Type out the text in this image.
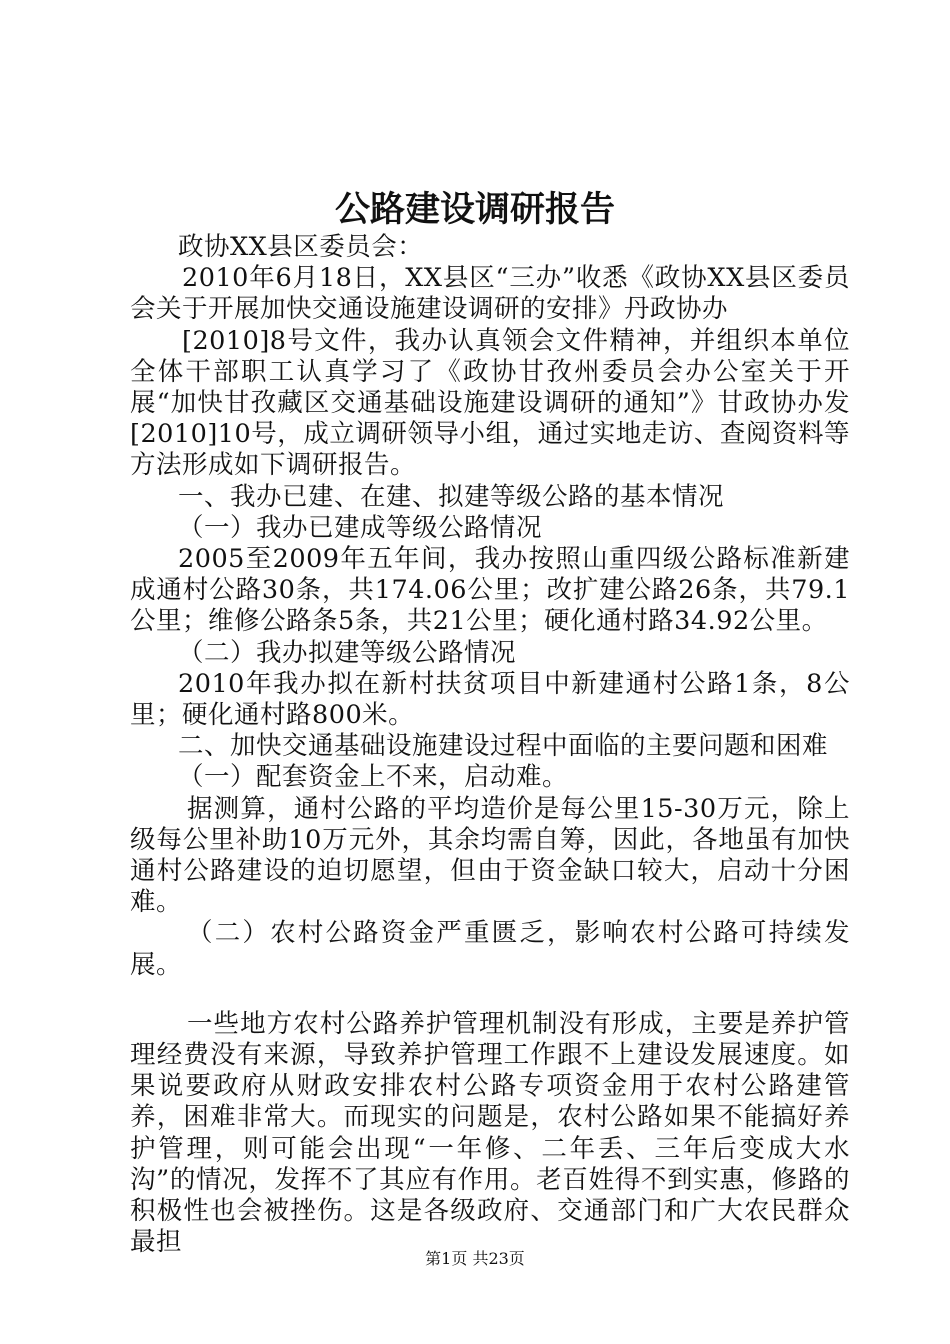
公路建设调研报告

政协XX县区委员会：

2010年6月18日，XX县区“三办”收悉《政协XX县区委员会关于开展加快交通设施建设调研的安排》丹政协办

[2010]8号文件，我办认真领会文件精神，并组织本单位全体干部职工认真学习了《政协甘孜州委员会办公室关于开展“加快甘孜藏区交通基础设施建设调研的通知”》甘政协办发[2010]10号，成立调研领导小组，通过实地走访、查阅资料等方法形成如下调研报告。

一、我办已建、在建、拟建等级公路的基本情况

（一）我办已建成等级公路情况

2005至2009年五年间，我办按照山重四级公路标准新建成通村公路30条，共174.06公里；改扩建公路26条，共79.1公里；维修公路条5条，共21公里；硬化通村路34.92公里。

（二）我办拟建等级公路情况

2010年我办拟在新村扶贫项目中新建通村公路1条，8公里；硬化通村路800米。

二、加快交通基础设施建设过程中面临的主要问题和困难

（一）配套资金上不来，启动难。

据测算，通村公路的平均造价是每公里15-30万元，除上级每公里补助10万元外，其余均需自筹，因此，各地虽有加快通村公路建设的迫切愿望，但由于资金缺口较大，启动十分困难。

（二）农村公路资金严重匮乏，影响农村公路可持续发展。

一些地方农村公路养护管理机制没有形成，主要是养护管理经费没有来源，导致养护管理工作跟不上建设发展速度。如果说要政府从财政安排农村公路专项资金用于农村公路建管养，困难非常大。而现实的问题是，农村公路如果不能搞好养护管理，则可能会出现“一年修、二年丢、三年后变成大水沟”的情况，发挥不了其应有作用。老百姓得不到实惠，修路的积极性也会被挫伤。这是各级政府、交通部门和广大农民群众最担

第1页 共23页
